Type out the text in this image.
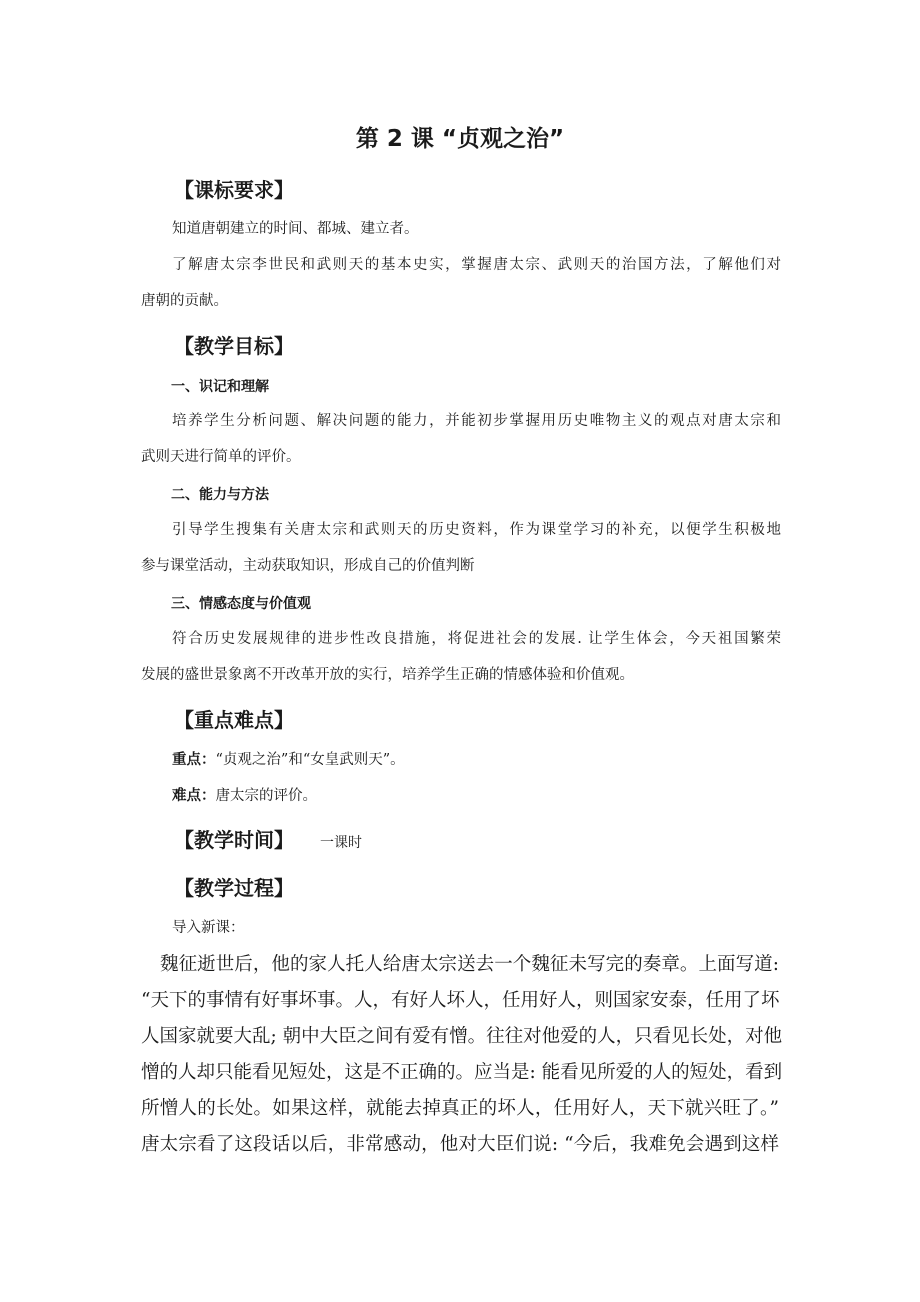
第 2 课 “贞观之治”
【课标要求】
知道唐朝建立的时间、都城、建立者。
了解唐太宗李世民和武则天的基本史实，掌握唐太宗、武则天的治国方法，了解他们对
唐朝的贡献。
【教学目标】
一、识记和理解
培养学生分析问题、解决问题的能力，并能初步掌握用历史唯物主义的观点对唐太宗和
武则天进行简单的评价。
二、能力与方法
引导学生搜集有关唐太宗和武则天的历史资料，作为课堂学习的补充，以便学生积极地
参与课堂活动，主动获取知识，形成自己的价值判断
三、情感态度与价值观
符合历史发展规律的进步性改良措施，将促进社会的发展. 让学生体会，今天祖国繁荣
发展的盛世景象离不开改革开放的实行，培养学生正确的情感体验和价值观。
【重点难点】
重点：“贞观之治”和“女皇武则天”。
难点：唐太宗的评价。
【教学时间】 一课时
【教学过程】
导入新课：
魏征逝世后，他的家人托人给唐太宗送去一个魏征未写完的奏章。上面写道:
“天下的事情有好事坏事。人，有好人坏人，任用好人，则国家安泰，任用了坏
人国家就要大乱; 朝中大臣之间有爱有憎。往往对他爱的人，只看见长处，对他
憎的人却只能看见短处，这是不正确的。应当是: 能看见所爱的人的短处，看到
所憎人的长处。如果这样，就能去掉真正的坏人，任用好人，天下就兴旺了。”
唐太宗看了这段话以后，非常感动，他对大臣们说: “今后，我难免会遇到这样
